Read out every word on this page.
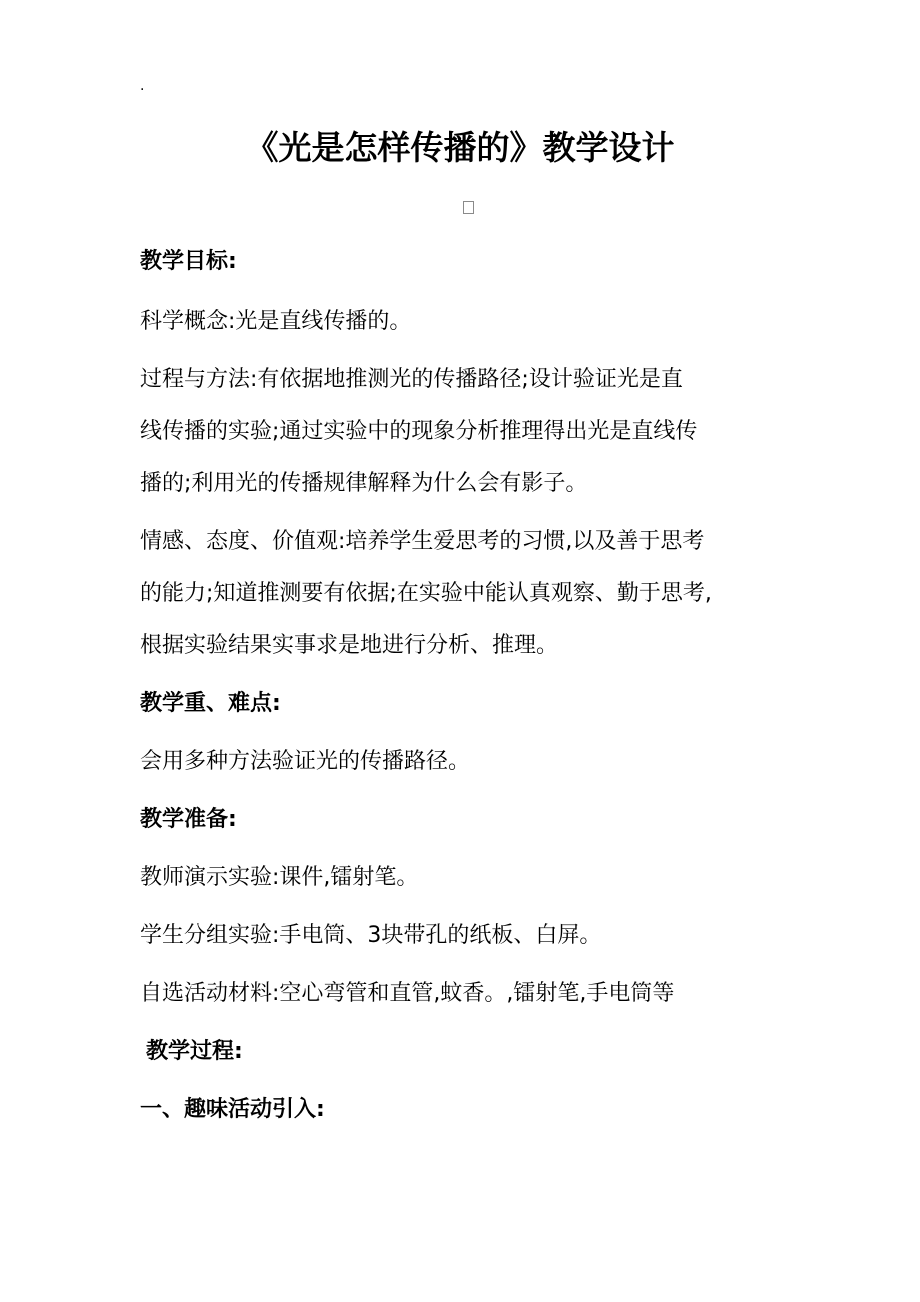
.
《光是怎样传播的》教学设计
教学目标:
科学概念:光是直线传播的。
过程与方法:有依据地推测光的传播路径;设计验证光是直
线传播的实验;通过实验中的现象分析推理得出光是直线传
播的;利用光的传播规律解释为什么会有影子。
情感、态度、价值观:培养学生爱思考的习惯,以及善于思考
的能力;知道推测要有依据;在实验中能认真观察、勤于思考,
根据实验结果实事求是地进行分析、推理。
教学重、难点:
会用多种方法验证光的传播路径。
教学准备:
教师演示实验:课件,镭射笔。
学生分组实验:手电筒、3块带孔的纸板、白屏。
自选活动材料:空心弯管和直管,蚊香。,镭射笔,手电筒等
教学过程:
一、趣味活动引入:
